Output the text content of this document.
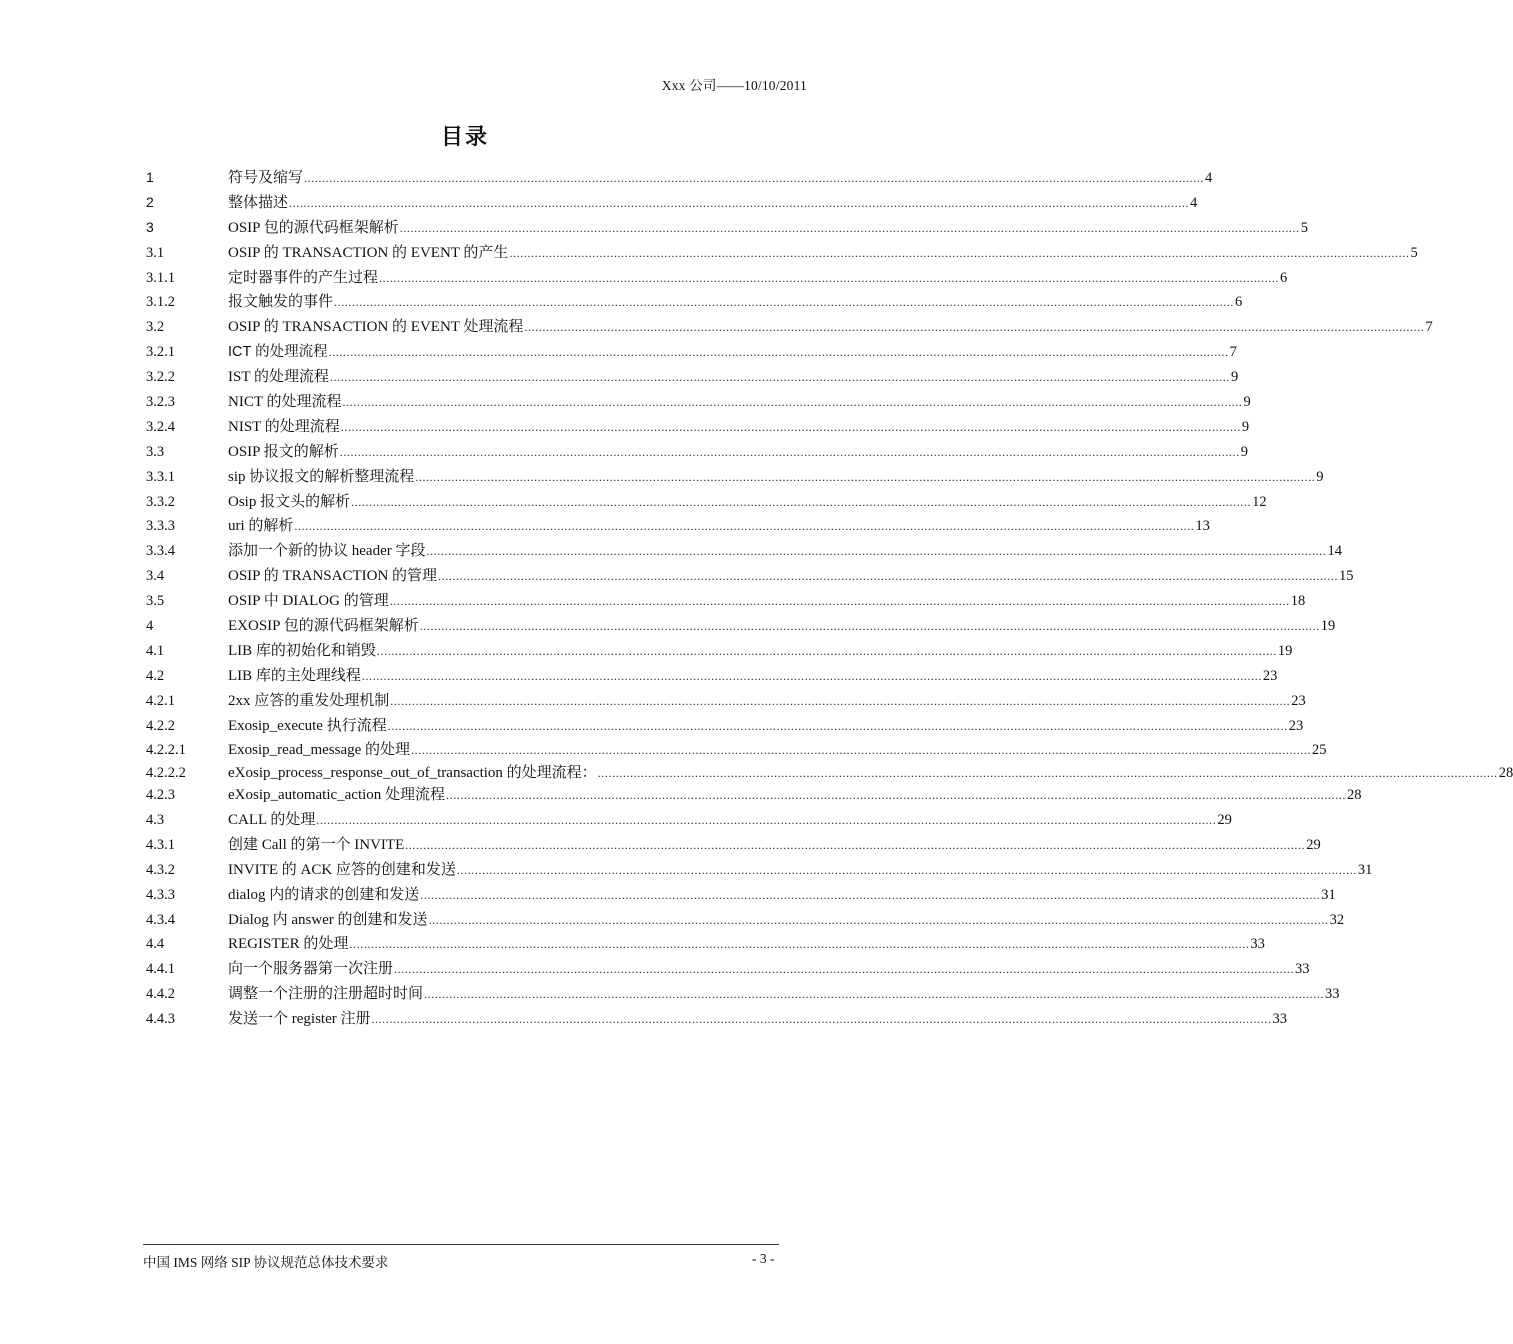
Xxx 公司——10/10/2011
目录
1	符号及缩写 .....	4
2	整体描述 .....	4
3	OSIP 包的源代码框架解析 .....	5
3.1	OSIP 的 TRANSACTION 的 EVENT 的产生 .....	5
3.1.1	定时器事件的产生过程 .....	6
3.1.2	报文触发的事件 .....	6
3.2	OSIP 的 TRANSACTION 的 EVENT 处理流程 .....	7
3.2.1	ICT 的处理流程 .....	7
3.2.2	IST 的处理流程 .....	9
3.2.3	NICT 的处理流程 .....	9
3.2.4	NIST 的处理流程 .....	9
3.3	OSIP 报文的解析 .....	9
3.3.1	sip 协议报文的解析整理流程 .....	9
3.3.2	Osip 报文头的解析 .....	12
3.3.3	uri 的解析 .....	13
3.3.4	添加一个新的协议 header 字段 .....	14
3.4	OSIP 的 TRANSACTION 的管理 .....	15
3.5	OSIP 中 DIALOG 的管理 .....	18
4	EXOSIP 包的源代码框架解析 .....	19
4.1	LIB 库的初始化和销毁 .....	19
4.2	LIB 库的主处理线程 .....	23
4.2.1	2xx 应答的重发处理机制 .....	23
4.2.2	Exosip_execute 执行流程 .....	23
4.2.2.1	Exosip_read_message 的处理 .....	25
4.2.2.2	eXosip_process_response_out_of_transaction 的处理流程： .....	28
4.2.3	eXosip_automatic_action 处理流程 .....	28
4.3	CALL 的处理 .....	29
4.3.1	创建 Call 的第一个 INVITE .....	29
4.3.2	INVITE 的 ACK 应答的创建和发送 .....	31
4.3.3	dialog 内的请求的创建和发送 .....	31
4.3.4	Dialog 内 answer 的创建和发送 .....	32
4.4	REGISTER 的处理 .....	33
4.4.1	向一个服务器第一次注册 .....	33
4.4.2	调整一个注册的注册超时时间 .....	33
4.4.3	发送一个 register 注册 .....	33
中国 IMS 网络 SIP 协议规范总体技术要求	- 3 -
